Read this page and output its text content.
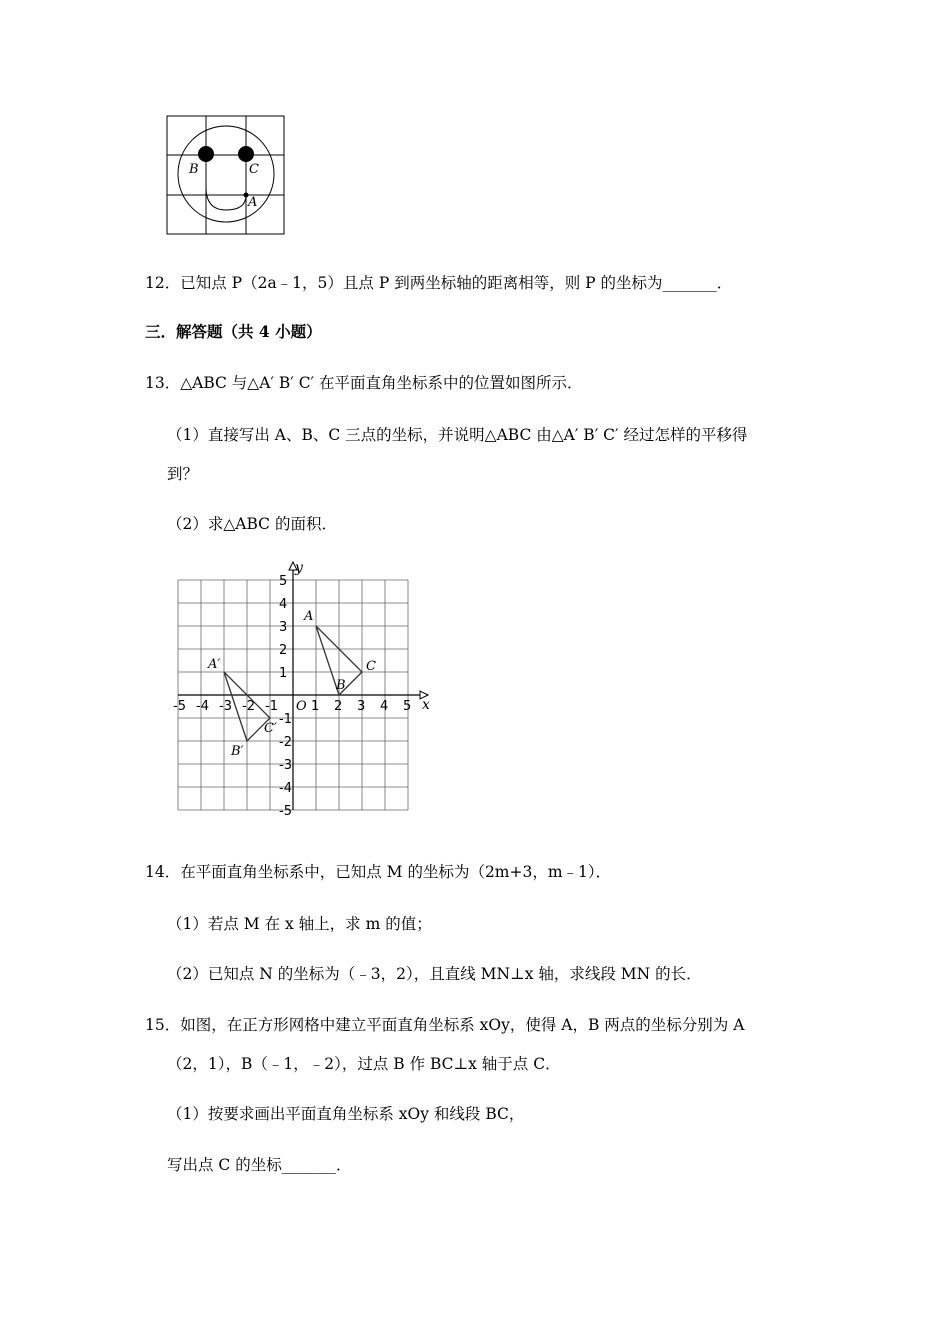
B	C
A
12．已知点 P（2a﹣1，5）且点 P 到两坐标轴的距离相等，则 P 的坐标为_______．
三．解答题（共 4 小题）
13．△ABC 与△A′ B′ C′ 在平面直角坐标系中的位置如图所示．
（1）直接写出 A、B、C 三点的坐标，并说明△ABC 由△A′ B′ C′ 经过怎样的平移得
到？
（2）求△ABC 的面积．
x
y
O
-5 -4 -3 -2 -1	1 2 3 4 5
5
4
3
2
1
-1
-2
-3
-4
-5
A
B
C
A′
B′
C′
14．在平面直角坐标系中，已知点 M 的坐标为（2m+3，m﹣1）．
（1）若点 M 在 x 轴上，求 m 的值；
（2）已知点 N 的坐标为（﹣3，2），且直线 MN⊥x 轴，求线段 MN 的长．
15．如图，在正方形网格中建立平面直角坐标系 xOy，使得 A，B 两点的坐标分别为 A
（2，1），B（﹣1，﹣2），过点 B 作 BC⊥x 轴于点 C．
（1）按要求画出平面直角坐标系 xOy 和线段 BC，
写出点 C 的坐标_______．
